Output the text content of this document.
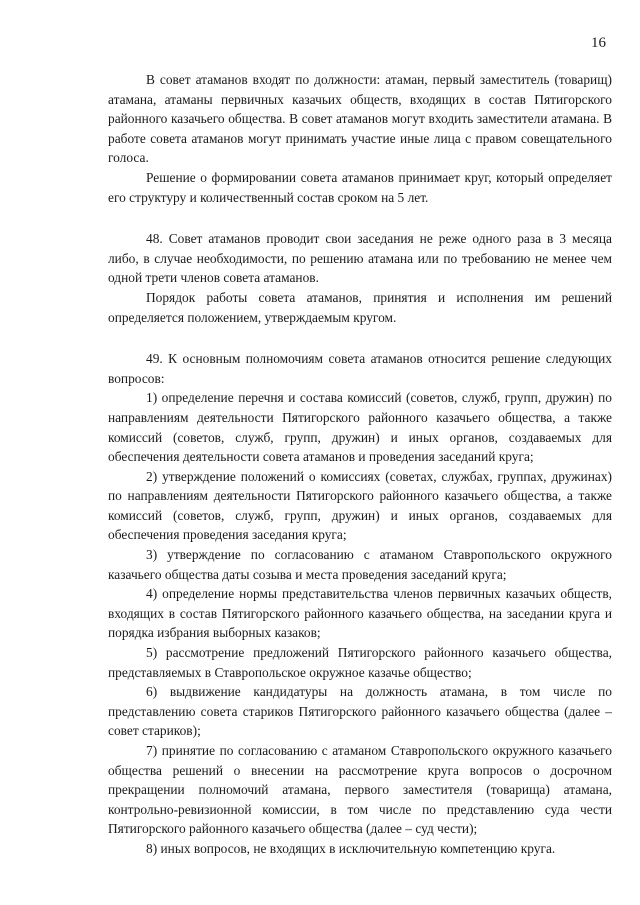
16

В совет атаманов входят по должности: атаман, первый заместитель (товарищ) атамана, атаманы первичных казачьих обществ, входящих в состав Пятигорского районного казачьего общества. В совет атаманов могут входить заместители атамана. В работе совета атаманов могут принимать участие иные лица с правом совещательного голоса.

Решение о формировании совета атаманов принимает круг, который определяет его структуру и количественный состав сроком на 5 лет.

48. Совет атаманов проводит свои заседания не реже одного раза в 3 месяца либо, в случае необходимости, по решению атамана или по требованию не менее чем одной трети членов совета атаманов.

Порядок работы совета атаманов, принятия и исполнения им решений определяется положением, утверждаемым кругом.

49. К основным полномочиям совета атаманов относится решение следующих вопросов:

1) определение перечня и состава комиссий (советов, служб, групп, дружин) по направлениям деятельности Пятигорского районного казачьего общества, а также комиссий (советов, служб, групп, дружин) и иных органов, создаваемых для обеспечения деятельности совета атаманов и проведения заседаний круга;

2) утверждение положений о комиссиях (советах, службах, группах, дружинах) по направлениям деятельности Пятигорского районного казачьего общества, а также комиссий (советов, служб, групп, дружин) и иных органов, создаваемых для обеспечения проведения заседания круга;

3) утверждение по согласованию с атаманом Ставропольского окружного казачьего общества даты созыва и места проведения заседаний круга;

4) определение нормы представительства членов первичных казачьих обществ, входящих в состав Пятигорского районного казачьего общества, на заседании круга и порядка избрания выборных казаков;

5) рассмотрение предложений Пятигорского районного казачьего общества, представляемых в Ставропольское окружное казачье общество;

6) выдвижение кандидатуры на должность атамана, в том числе по представлению совета стариков Пятигорского районного казачьего общества (далее – совет стариков);

7) принятие по согласованию с атаманом Ставропольского окружного казачьего общества решений о внесении на рассмотрение круга вопросов о досрочном прекращении полномочий атамана, первого заместителя (товарища) атамана, контрольно-ревизионной комиссии, в том числе по представлению суда чести Пятигорского районного казачьего общества (далее – суд чести);

8) иных вопросов, не входящих в исключительную компетенцию круга.
